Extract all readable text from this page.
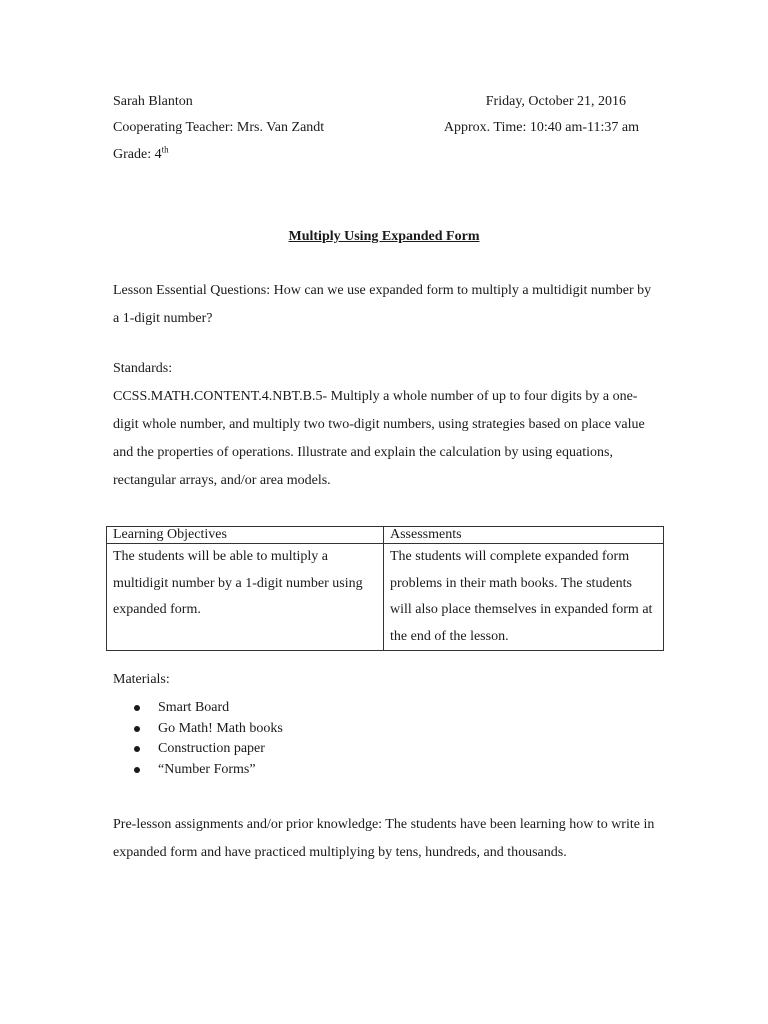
Sarah Blanton	Friday, October 21, 2016
Cooperating Teacher: Mrs. Van Zandt	Approx. Time: 10:40 am-11:37 am
Grade: 4th
Multiply Using Expanded Form
Lesson Essential Questions: How can we use expanded form to multiply a multidigit number by a 1-digit number?

Standards:

CCSS.MATH.CONTENT.4.NBT.B.5- Multiply a whole number of up to four digits by a one-digit whole number, and multiply two two-digit numbers, using strategies based on place value and the properties of operations. Illustrate and explain the calculation by using equations, rectangular arrays, and/or area models.

Learning Objectives	Assessments
The students will be able to multiply a multidigit number by a 1-digit number using expanded form.	The students will complete expanded form problems in their math books. The students will also place themselves in expanded form at the end of the lesson.
Materials:
Smart Board
Go Math! Math books
Construction paper
“Number Forms”
Pre-lesson assignments and/or prior knowledge: The students have been learning how to write in expanded form and have practiced multiplying by tens, hundreds, and thousands.
